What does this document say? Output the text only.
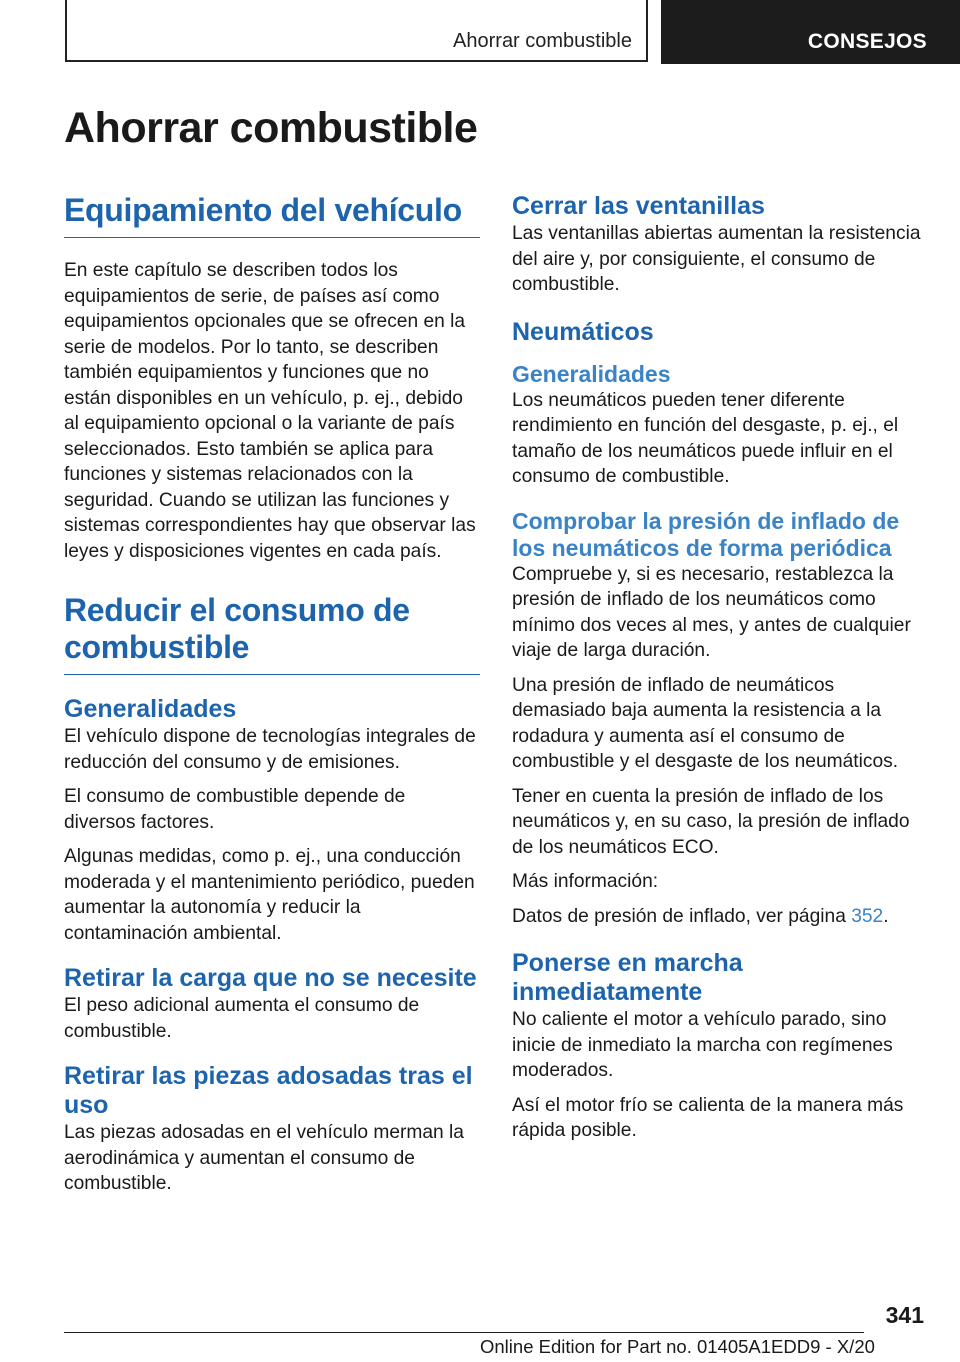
Ahorrar combustible	CONSEJOS
Ahorrar combustible
Equipamiento del vehículo

En este capítulo se describen todos los equipamientos de serie, de países así como equipamientos opcionales que se ofrecen en la serie de modelos. Por lo tanto, se describen también equipamientos y funciones que no están disponibles en un vehículo, p. ej., debido al equipamiento opcional o la variante de país seleccionados. Esto también se aplica para funciones y sistemas relacionados con la seguridad. Cuando se utilizan las funciones y sistemas correspondientes hay que observar las leyes y disposiciones vigentes en cada país.

Reducir el consumo de combustible
Generalidades

El vehículo dispone de tecnologías integrales de reducción del consumo y de emisiones.

El consumo de combustible depende de diversos factores.

Algunas medidas, como p. ej., una conducción moderada y el mantenimiento periódico, pueden aumentar la autonomía y reducir la contaminación ambiental.

Retirar la carga que no se necesite

El peso adicional aumenta el consumo de combustible.

Retirar las piezas adosadas tras el uso

Las piezas adosadas en el vehículo merman la aerodinámica y aumentan el consumo de combustible.

Cerrar las ventanillas

Las ventanillas abiertas aumentan la resistencia del aire y, por consiguiente, el consumo de combustible.

Neumáticos
Generalidades

Los neumáticos pueden tener diferente rendimiento en función del desgaste, p. ej., el tamaño de los neumáticos puede influir en el consumo de combustible.

Comprobar la presión de inflado de los neumáticos de forma periódica

Compruebe y, si es necesario, restablezca la presión de inflado de los neumáticos como mínimo dos veces al mes, y antes de cualquier viaje de larga duración.

Una presión de inflado de neumáticos demasiado baja aumenta la resistencia a la rodadura y aumenta así el consumo de combustible y el desgaste de los neumáticos.

Tener en cuenta la presión de inflado de los neumáticos y, en su caso, la presión de inflado de los neumáticos ECO.

Más información:

Datos de presión de inflado, ver página 352.

Ponerse en marcha inmediatamente

No caliente el motor a vehículo parado, sino inicie de inmediato la marcha con regímenes moderados.

Así el motor frío se calienta de la manera más rápida posible.

341
Online Edition for Part no. 01405A1EDD9 - X/20
